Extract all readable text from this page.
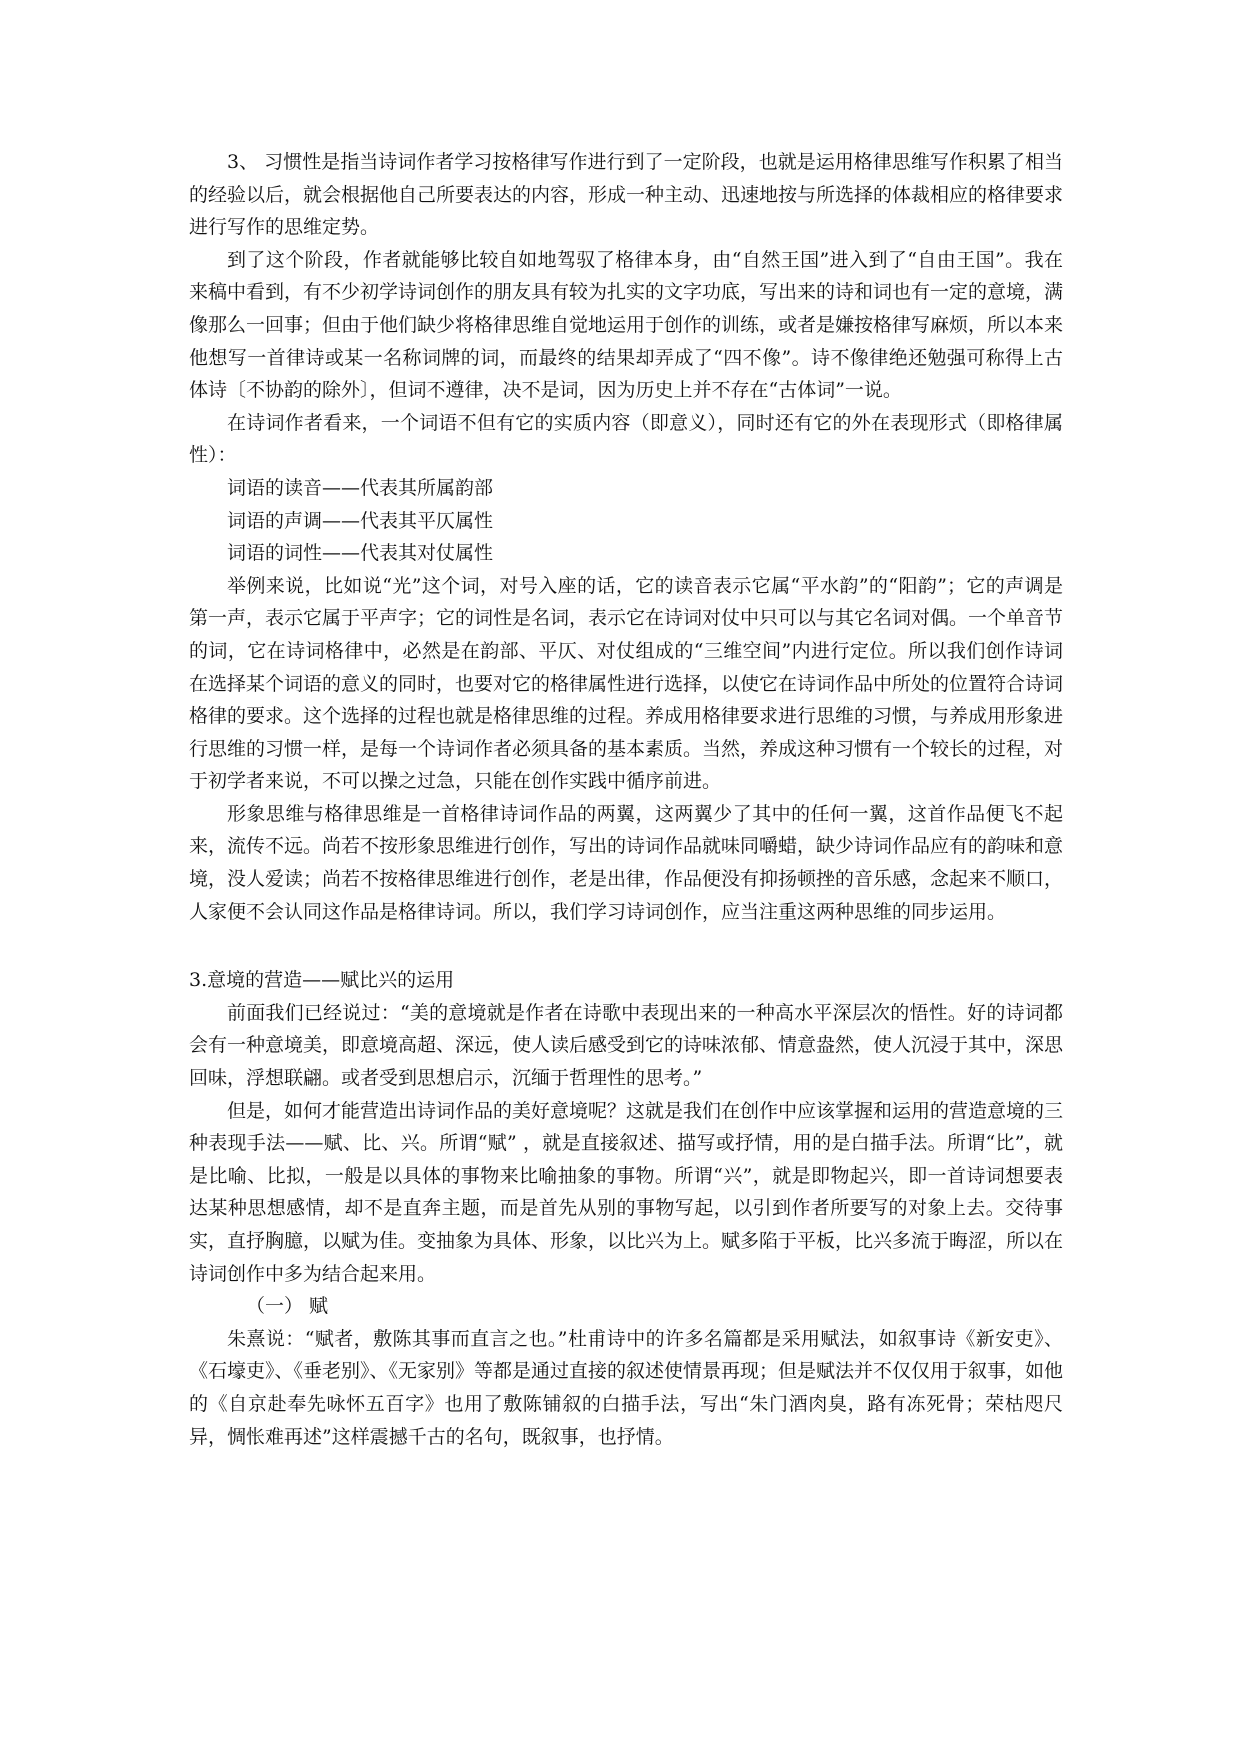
3、 习惯性是指当诗词作者学习按格律写作进行到了一定阶段，也就是运用格律思维写作积累了相当的经验以后，就会根据他自己所要表达的内容，形成一种主动、迅速地按与所选择的体裁相应的格律要求进行写作的思维定势。

到了这个阶段，作者就能够比较自如地驾驭了格律本身，由“自然王国”进入到了“自由王国”。我在来稿中看到，有不少初学诗词创作的朋友具有较为扎实的文字功底，写出来的诗和词也有一定的意境，满像那么一回事；但由于他们缺少将格律思维自觉地运用于创作的训练，或者是嫌按格律写麻烦，所以本来他想写一首律诗或某一名称词牌的词，而最终的结果却弄成了“四不像”。诗不像律绝还勉强可称得上古体诗〔不协韵的除外〕，但词不遵律，决不是词，因为历史上并不存在“古体词”一说。

在诗词作者看来，一个词语不但有它的实质内容（即意义），同时还有它的外在表现形式（即格律属性）：

词语的读音——代表其所属韵部

词语的声调——代表其平仄属性

词语的词性——代表其对仗属性

举例来说，比如说“光”这个词，对号入座的话，它的读音表示它属“平水韵”的“阳韵”；它的声调是第一声，表示它属于平声字；它的词性是名词，表示它在诗词对仗中只可以与其它名词对偶。一个单音节的词，它在诗词格律中，必然是在韵部、平仄、对仗组成的“三维空间”内进行定位。所以我们创作诗词在选择某个词语的意义的同时，也要对它的格律属性进行选择，以使它在诗词作品中所处的位置符合诗词格律的要求。这个选择的过程也就是格律思维的过程。养成用格律要求进行思维的习惯，与养成用形象进行思维的习惯一样，是每一个诗词作者必须具备的基本素质。当然，养成这种习惯有一个较长的过程，对于初学者来说，不可以操之过急，只能在创作实践中循序前进。

形象思维与格律思维是一首格律诗词作品的两翼，这两翼少了其中的任何一翼，这首作品便飞不起来，流传不远。尚若不按形象思维进行创作，写出的诗词作品就味同嚼蜡，缺少诗词作品应有的韵味和意境，没人爱读；尚若不按格律思维进行创作，老是出律，作品便没有抑扬顿挫的音乐感，念起来不顺口，人家便不会认同这作品是格律诗词。所以，我们学习诗词创作，应当注重这两种思维的同步运用。

3.意境的营造——赋比兴的运用

前面我们已经说过：“美的意境就是作者在诗歌中表现出来的一种高水平深层次的悟性。好的诗词都会有一种意境美，即意境高超、深远，使人读后感受到它的诗味浓郁、情意盎然，使人沉浸于其中，深思回味，浮想联翩。或者受到思想启示，沉缅于哲理性的思考。”

但是，如何才能营造出诗词作品的美好意境呢？这就是我们在创作中应该掌握和运用的营造意境的三种表现手法——赋、比、兴。所谓“赋” ，就是直接叙述、描写或抒情，用的是白描手法。所谓“比”，就是比喻、比拟，一般是以具体的事物来比喻抽象的事物。所谓“兴”，就是即物起兴，即一首诗词想要表达某种思想感情，却不是直奔主题，而是首先从别的事物写起，以引到作者所要写的对象上去。交待事实，直抒胸臆，以赋为佳。变抽象为具体、形象，以比兴为上。赋多陷于平板，比兴多流于晦涩，所以在诗词创作中多为结合起来用。

（一） 赋

朱熹说：“赋者，敷陈其事而直言之也。”杜甫诗中的许多名篇都是采用赋法，如叙事诗《新安吏》、《石壕吏》、《垂老别》、《无家别》等都是通过直接的叙述使情景再现；但是赋法并不仅仅用于叙事，如他的《自京赴奉先咏怀五百字》也用了敷陈铺叙的白描手法，写出“朱门酒肉臭，路有冻死骨；荣枯咫尺异，惆怅难再述”这样震撼千古的名句，既叙事，也抒情。
